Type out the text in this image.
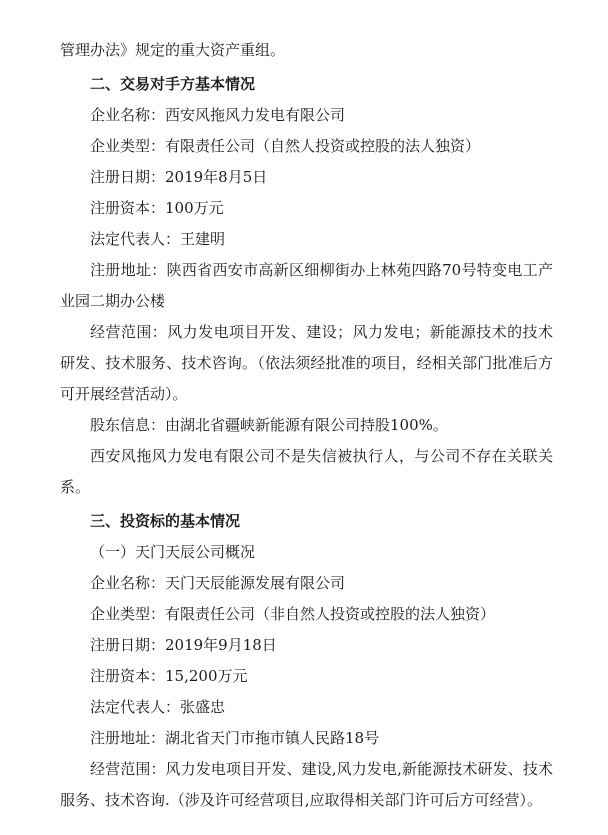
管理办法》规定的重大资产重组。

二、交易对手方基本情况

企业名称：西安风拖风力发电有限公司

企业类型：有限责任公司（自然人投资或控股的法人独资）

注册日期：2019年8月5日

注册资本：100万元

法定代表人：王建明

注册地址：陕西省西安市高新区细柳街办上林苑四路70号特变电工产业园二期办公楼

经营范围：风力发电项目开发、建设；风力发电；新能源技术的技术研发、技术服务、技术咨询。（依法须经批准的项目，经相关部门批准后方可开展经营活动）。

股东信息：由湖北省疆峡新能源有限公司持股100%。

西安风拖风力发电有限公司不是失信被执行人，与公司不存在关联关系。

三、投资标的基本情况

（一）天门天辰公司概况

企业名称：天门天辰能源发展有限公司

企业类型：有限责任公司（非自然人投资或控股的法人独资）

注册日期：2019年9月18日

注册资本：15,200万元

法定代表人：张盛忠

注册地址：湖北省天门市拖市镇人民路18号

经营范围：风力发电项目开发、建设,风力发电,新能源技术研发、技术服务、技术咨询.（涉及许可经营项目,应取得相关部门许可后方可经营）。
